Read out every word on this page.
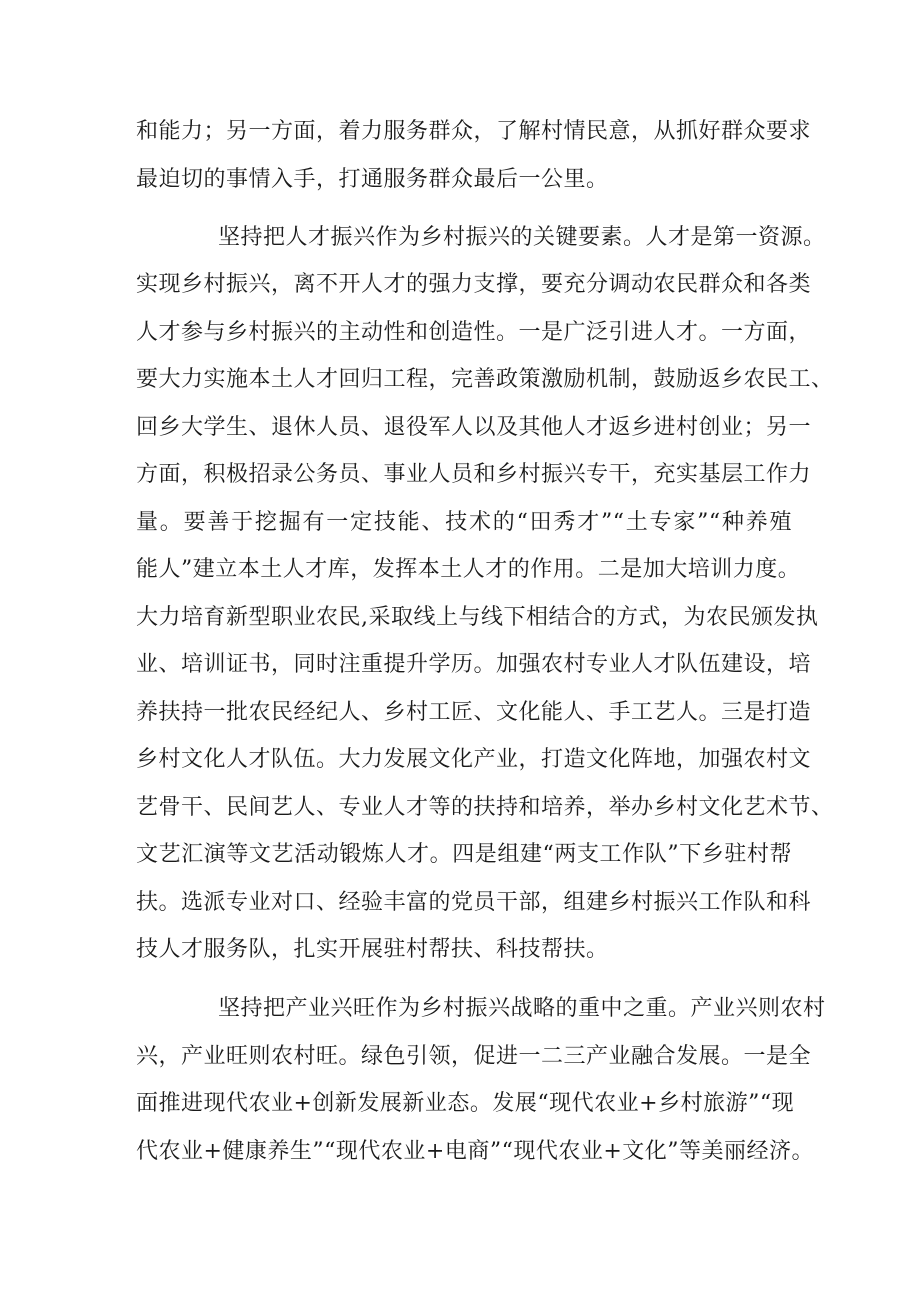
和能力；另一方面，着力服务群众，了解村情民意，从抓好群众要求
最迫切的事情入手，打通服务群众最后一公里。
坚持把人才振兴作为乡村振兴的关键要素。人才是第一资源。
实现乡村振兴，离不开人才的强力支撑，要充分调动农民群众和各类
人才参与乡村振兴的主动性和创造性。一是广泛引进人才。一方面，
要大力实施本土人才回归工程，完善政策激励机制，鼓励返乡农民工、
回乡大学生、退休人员、退役军人以及其他人才返乡进村创业；另一
方面，积极招录公务员、事业人员和乡村振兴专干，充实基层工作力
量。要善于挖掘有一定技能、技术的“田秀才”“土专家”“种养殖
能人”建立本土人才库，发挥本土人才的作用。二是加大培训力度。
大力培育新型职业农民,采取线上与线下相结合的方式，为农民颁发执
业、培训证书，同时注重提升学历。加强农村专业人才队伍建设，培
养扶持一批农民经纪人、乡村工匠、文化能人、手工艺人。三是打造
乡村文化人才队伍。大力发展文化产业，打造文化阵地，加强农村文
艺骨干、民间艺人、专业人才等的扶持和培养，举办乡村文化艺术节、
文艺汇演等文艺活动锻炼人才。四是组建“两支工作队”下乡驻村帮
扶。选派专业对口、经验丰富的党员干部，组建乡村振兴工作队和科
技人才服务队，扎实开展驻村帮扶、科技帮扶。
坚持把产业兴旺作为乡村振兴战略的重中之重。产业兴则农村
兴，产业旺则农村旺。绿色引领，促进一二三产业融合发展。一是全
面推进现代农业+创新发展新业态。发展“现代农业+乡村旅游”“现
代农业+健康养生”“现代农业+电商”“现代农业+文化”等美丽经济。
